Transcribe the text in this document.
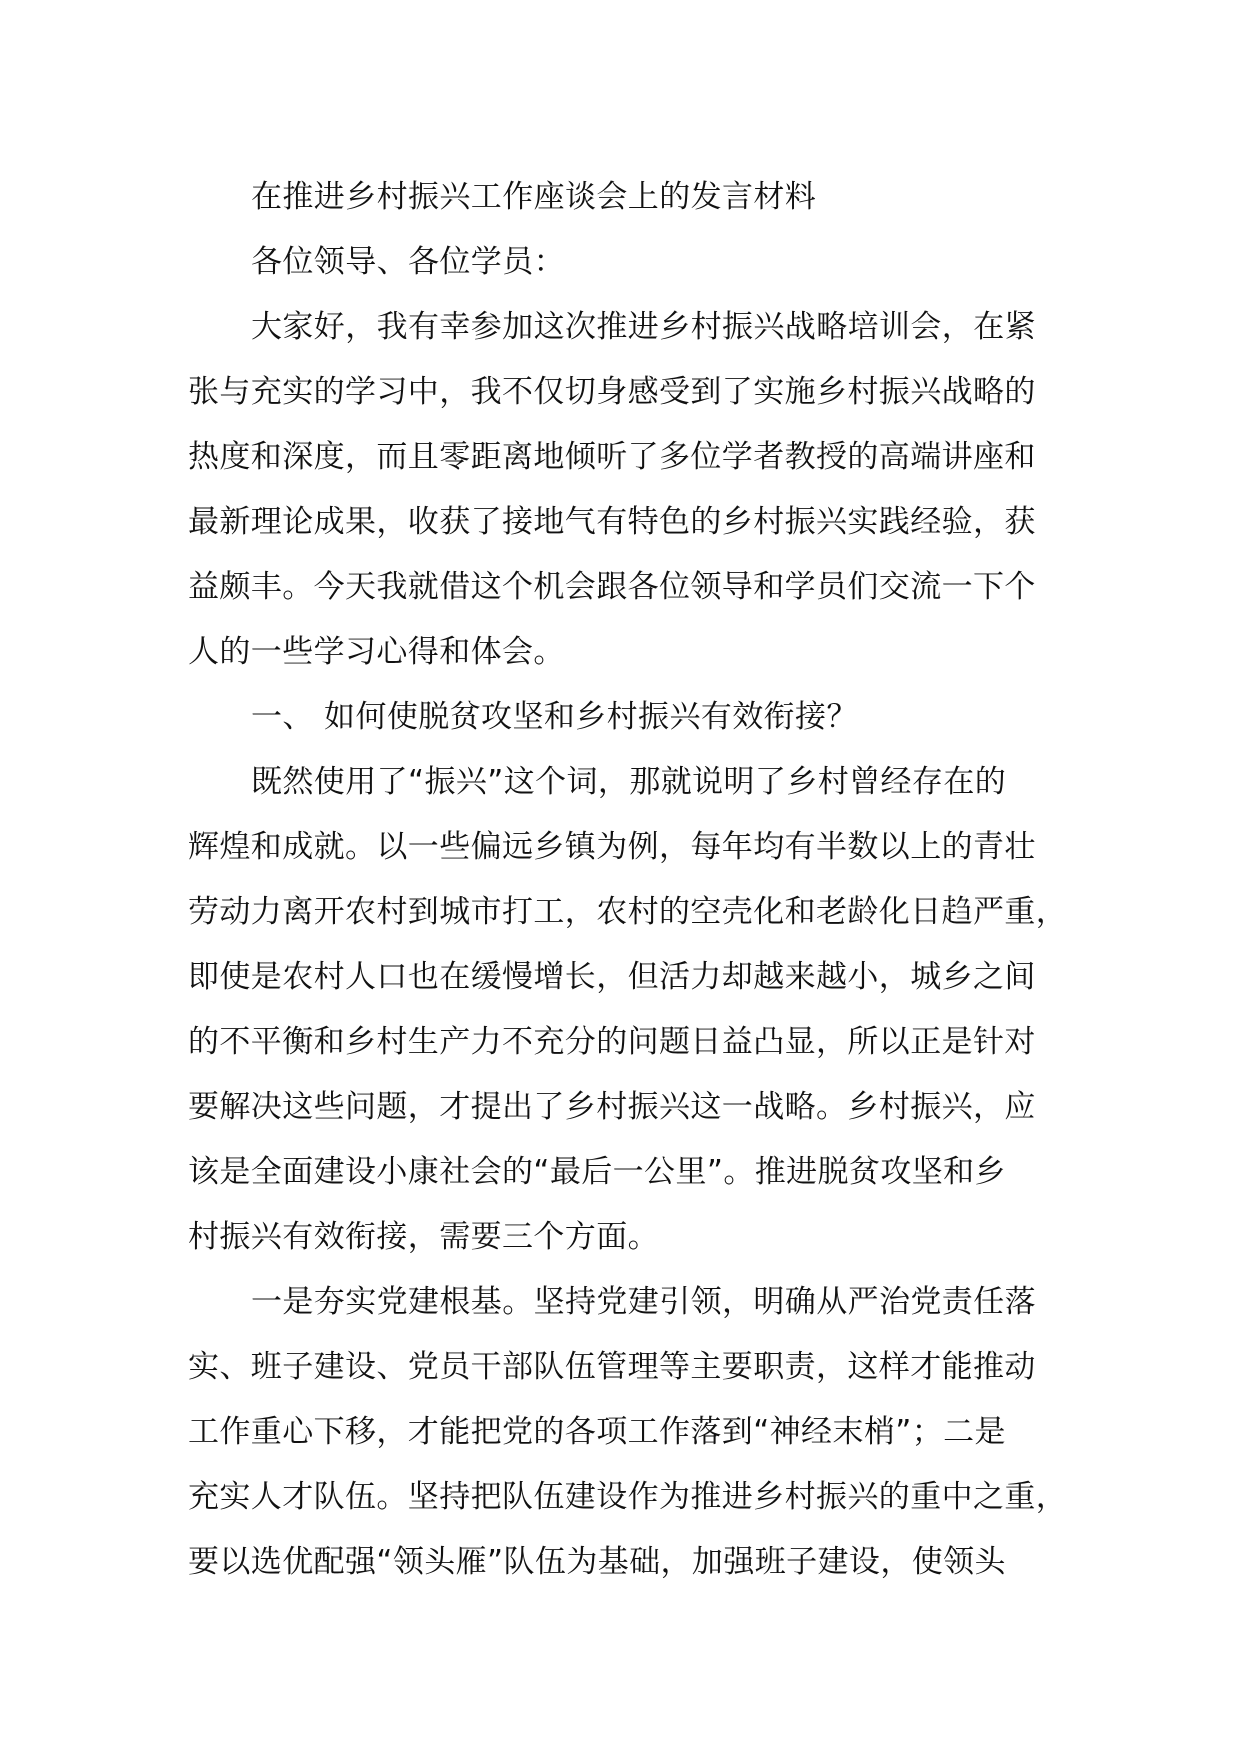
在推进乡村振兴工作座谈会上的发言材料
各位领导、各位学员：
大家好，我有幸参加这次推进乡村振兴战略培训会，在紧
张与充实的学习中，我不仅切身感受到了实施乡村振兴战略的
热度和深度，而且零距离地倾听了多位学者教授的高端讲座和
最新理论成果，收获了接地气有特色的乡村振兴实践经验，获
益颇丰。今天我就借这个机会跟各位领导和学员们交流一下个
人的一些学习心得和体会。
一、 如何使脱贫攻坚和乡村振兴有效衔接？
既然使用了“振兴”这个词，那就说明了乡村曾经存在的
辉煌和成就。以一些偏远乡镇为例，每年均有半数以上的青壮
劳动力离开农村到城市打工，农村的空壳化和老龄化日趋严重，
即使是农村人口也在缓慢增长，但活力却越来越小，城乡之间
的不平衡和乡村生产力不充分的问题日益凸显，所以正是针对
要解决这些问题，才提出了乡村振兴这一战略。乡村振兴，应
该是全面建设小康社会的“最后一公里”。推进脱贫攻坚和乡
村振兴有效衔接，需要三个方面。
一是夯实党建根基。坚持党建引领，明确从严治党责任落
实、班子建设、党员干部队伍管理等主要职责，这样才能推动
工作重心下移，才能把党的各项工作落到“神经末梢”；二是
充实人才队伍。坚持把队伍建设作为推进乡村振兴的重中之重，
要以选优配强“领头雁”队伍为基础，加强班子建设，使领头
